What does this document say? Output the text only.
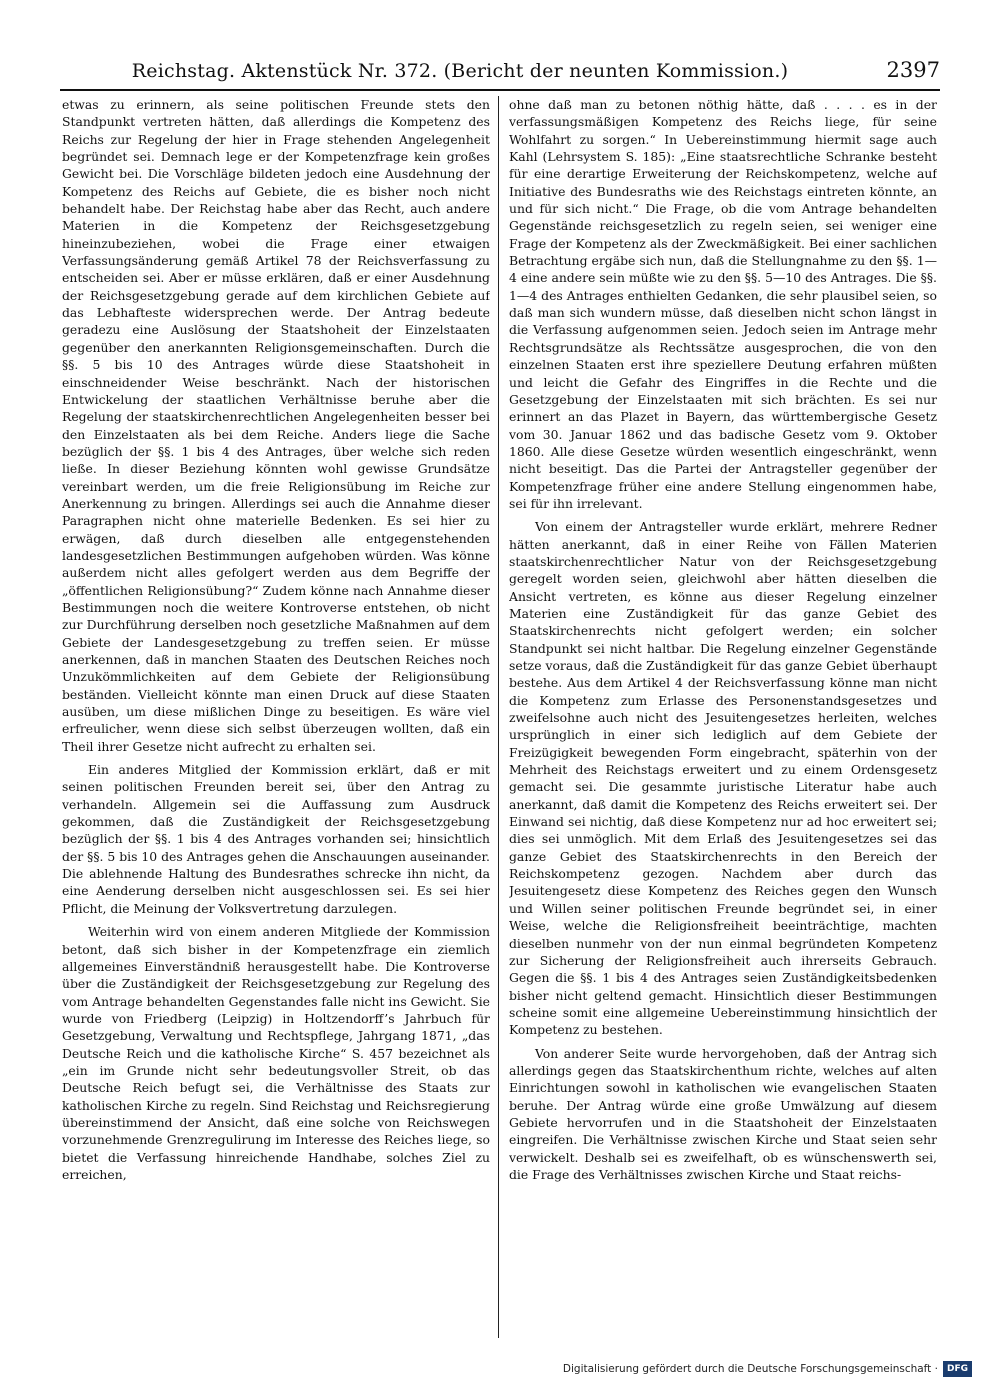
Reichstag. Aktenstück Nr. 372. (Bericht der neunten Kommission.)	2397

etwas zu erinnern, als seine politischen Freunde stets den Standpunkt vertreten hätten, daß allerdings die Kompetenz des Reichs zur Regelung der hier in Frage stehenden Angelegenheit begründet sei. Demnach lege er der Kompetenzfrage kein großes Gewicht bei. Die Vorschläge bildeten jedoch eine Ausdehnung der Kompetenz des Reichs auf Gebiete, die es bisher noch nicht behandelt habe. Der Reichstag habe aber das Recht, auch andere Materien in die Kompetenz der Reichsgesetzgebung hineinzubeziehen, wobei die Frage einer etwaigen Verfassungsänderung gemäß Artikel 78 der Reichsverfassung zu entscheiden sei. Aber er müsse erklären, daß er einer Ausdehnung der Reichsgesetzgebung gerade auf dem kirchlichen Gebiete auf das Lebhafteste widersprechen werde. Der Antrag bedeute geradezu eine Auslösung der Staatshoheit der Einzelstaaten gegenüber den anerkannten Religionsgemeinschaften. Durch die §§. 5 bis 10 des Antrages würde diese Staatshoheit in einschneidender Weise beschränkt. Nach der historischen Entwickelung der staatlichen Verhältnisse beruhe aber die Regelung der staatskirchenrechtlichen Angelegenheiten besser bei den Einzelstaaten als bei dem Reiche. Anders liege die Sache bezüglich der §§. 1 bis 4 des Antrages, über welche sich reden ließe. In dieser Beziehung könnten wohl gewisse Grundsätze vereinbart werden, um die freie Religionsübung im Reiche zur Anerkennung zu bringen. Allerdings sei auch die Annahme dieser Paragraphen nicht ohne materielle Bedenken. Es sei hier zu erwägen, daß durch dieselben alle entgegenstehenden landesgesetzlichen Bestimmungen aufgehoben würden. Was könne außerdem nicht alles gefolgert werden aus dem Begriffe der „öffentlichen Religionsübung?“ Zudem könne nach Annahme dieser Bestimmungen noch die weitere Kontroverse entstehen, ob nicht zur Durchführung derselben noch gesetzliche Maßnahmen auf dem Gebiete der Landesgesetzgebung zu treffen seien. Er müsse anerkennen, daß in manchen Staaten des Deutschen Reiches noch Unzukömmlichkeiten auf dem Gebiete der Religionsübung beständen. Vielleicht könnte man einen Druck auf diese Staaten ausüben, um diese mißlichen Dinge zu beseitigen. Es wäre viel erfreulicher, wenn diese sich selbst überzeugen wollten, daß ein Theil ihrer Gesetze nicht aufrecht zu erhalten sei.

Ein anderes Mitglied der Kommission erklärt, daß er mit seinen politischen Freunden bereit sei, über den Antrag zu verhandeln. Allgemein sei die Auffassung zum Ausdruck gekommen, daß die Zuständigkeit der Reichsgesetzgebung bezüglich der §§. 1 bis 4 des Antrages vorhanden sei; hinsichtlich der §§. 5 bis 10 des Antrages gehen die Anschauungen auseinander. Die ablehnende Haltung des Bundesrathes schrecke ihn nicht, da eine Aenderung derselben nicht ausgeschlossen sei. Es sei hier Pflicht, die Meinung der Volksvertretung darzulegen.

Weiterhin wird von einem anderen Mitgliede der Kommission betont, daß sich bisher in der Kompetenzfrage ein ziemlich allgemeines Einverständniß herausgestellt habe. Die Kontroverse über die Zuständigkeit der Reichsgesetzgebung zur Regelung des vom Antrage behandelten Gegenstandes falle nicht ins Gewicht. Sie wurde von Friedberg (Leipzig) in Holtzendorff’s Jahrbuch für Gesetzgebung, Verwaltung und Rechtspflege, Jahrgang 1871, „das Deutsche Reich und die katholische Kirche“ S. 457 bezeichnet als „ein im Grunde nicht sehr bedeutungsvoller Streit, ob das Deutsche Reich befugt sei, die Verhältnisse des Staats zur katholischen Kirche zu regeln. Sind Reichstag und Reichsregierung übereinstimmend der Ansicht, daß eine solche von Reichswegen vorzunehmende Grenzregulirung im Interesse des Reiches liege, so bietet die Verfassung hinreichende Handhabe, solches Ziel zu erreichen,

ohne daß man zu betonen nöthig hätte, daß . . . . es in der verfassungsmäßigen Kompetenz des Reichs liege, für seine Wohlfahrt zu sorgen.“ In Uebereinstimmung hiermit sage auch Kahl (Lehrsystem S. 185): „Eine staatsrechtliche Schranke besteht für eine derartige Erweiterung der Reichskompetenz, welche auf Initiative des Bundesraths wie des Reichstags eintreten könnte, an und für sich nicht.“ Die Frage, ob die vom Antrage behandelten Gegenstände reichsgesetzlich zu regeln seien, sei weniger eine Frage der Kompetenz als der Zweckmäßigkeit. Bei einer sachlichen Betrachtung ergäbe sich nun, daß die Stellungnahme zu den §§. 1—4 eine andere sein müßte wie zu den §§. 5—10 des Antrages. Die §§. 1—4 des Antrages enthielten Gedanken, die sehr plausibel seien, so daß man sich wundern müsse, daß dieselben nicht schon längst in die Verfassung aufgenommen seien. Jedoch seien im Antrage mehr Rechtsgrundsätze als Rechtssätze ausgesprochen, die von den einzelnen Staaten erst ihre speziellere Deutung erfahren müßten und leicht die Gefahr des Eingriffes in die Rechte und die Gesetzgebung der Einzelstaaten mit sich brächten. Es sei nur erinnert an das Plazet in Bayern, das württembergische Gesetz vom 30. Januar 1862 und das badische Gesetz vom 9. Oktober 1860. Alle diese Gesetze würden wesentlich eingeschränkt, wenn nicht beseitigt. Das die Partei der Antragsteller gegenüber der Kompetenzfrage früher eine andere Stellung eingenommen habe, sei für ihn irrelevant.

Von einem der Antragsteller wurde erklärt, mehrere Redner hätten anerkannt, daß in einer Reihe von Fällen Materien staatskirchenrechtlicher Natur von der Reichsgesetzgebung geregelt worden seien, gleichwohl aber hätten dieselben die Ansicht vertreten, es könne aus dieser Regelung einzelner Materien eine Zuständigkeit für das ganze Gebiet des Staatskirchenrechts nicht gefolgert werden; ein solcher Standpunkt sei nicht haltbar. Die Regelung einzelner Gegenstände setze voraus, daß die Zuständigkeit für das ganze Gebiet überhaupt bestehe. Aus dem Artikel 4 der Reichsverfassung könne man nicht die Kompetenz zum Erlasse des Personenstandsgesetzes und zweifelsohne auch nicht des Jesuitengesetzes herleiten, welches ursprünglich in einer sich lediglich auf dem Gebiete der Freizügigkeit bewegenden Form eingebracht, späterhin von der Mehrheit des Reichstags erweitert und zu einem Ordensgesetz gemacht sei. Die gesammte juristische Literatur habe auch anerkannt, daß damit die Kompetenz des Reichs erweitert sei. Der Einwand sei nichtig, daß diese Kompetenz nur ad hoc erweitert sei; dies sei unmöglich. Mit dem Erlaß des Jesuitengesetzes sei das ganze Gebiet des Staatskirchenrechts in den Bereich der Reichskompetenz gezogen. Nachdem aber durch das Jesuitengesetz diese Kompetenz des Reiches gegen den Wunsch und Willen seiner politischen Freunde begründet sei, in einer Weise, welche die Religionsfreiheit beeinträchtige, machten dieselben nunmehr von der nun einmal begründeten Kompetenz zur Sicherung der Religionsfreiheit auch ihrerseits Gebrauch. Gegen die §§. 1 bis 4 des Antrages seien Zuständigkeitsbedenken bisher nicht geltend gemacht. Hinsichtlich dieser Bestimmungen scheine somit eine allgemeine Uebereinstimmung hinsichtlich der Kompetenz zu bestehen.

Von anderer Seite wurde hervorgehoben, daß der Antrag sich allerdings gegen das Staatskirchenthum richte, welches auf alten Einrichtungen sowohl in katholischen wie evangelischen Staaten beruhe. Der Antrag würde eine große Umwälzung auf diesem Gebiete hervorrufen und in die Staatshoheit der Einzelstaaten eingreifen. Die Verhältnisse zwischen Kirche und Staat seien sehr verwickelt. Deshalb sei es zweifelhaft, ob es wünschenswerth sei, die Frage des Verhältnisses zwischen Kirche und Staat reichs-

Digitalisierung gefördert durch die Deutsche Forschungsgemeinschaft ·	DFG
